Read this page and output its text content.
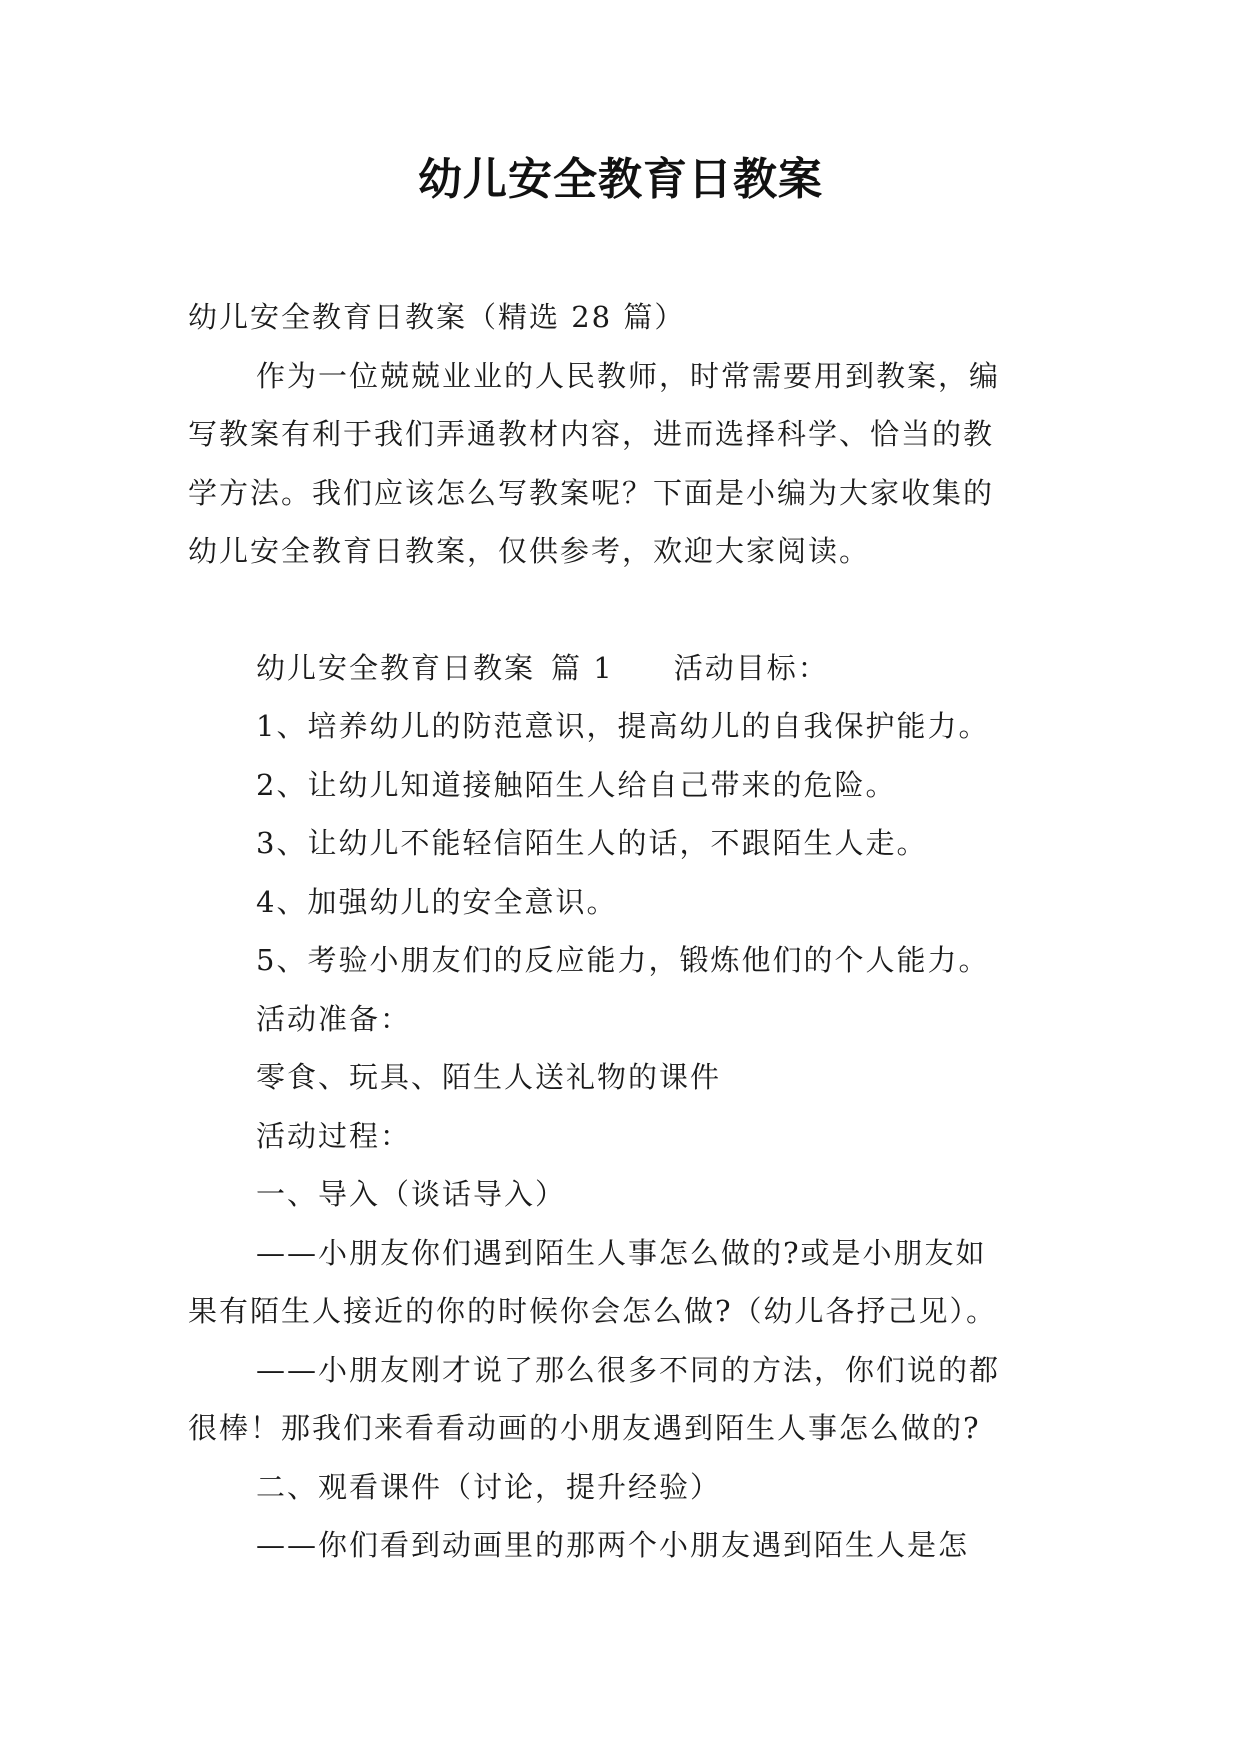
幼儿安全教育日教案
幼儿安全教育日教案（精选 28 篇）
作为一位兢兢业业的人民教师，时常需要用到教案，编
写教案有利于我们弄通教材内容，进而选择科学、恰当的教
学方法。我们应该怎么写教案呢？下面是小编为大家收集的
幼儿安全教育日教案，仅供参考，欢迎大家阅读。
幼儿安全教育日教案 篇 1 活动目标：
1、培养幼儿的防范意识，提高幼儿的自我保护能力。
2、让幼儿知道接触陌生人给自己带来的危险。
3、让幼儿不能轻信陌生人的话，不跟陌生人走。
4、加强幼儿的安全意识。
5、考验小朋友们的反应能力，锻炼他们的个人能力。
活动准备：
零食、玩具、陌生人送礼物的课件
活动过程：
一、导入（谈话导入）
——小朋友你们遇到陌生人事怎么做的?或是小朋友如
果有陌生人接近的你的时候你会怎么做?（幼儿各抒己见）。
——小朋友刚才说了那么很多不同的方法，你们说的都
很棒！那我们来看看动画的小朋友遇到陌生人事怎么做的?
二、观看课件（讨论，提升经验）
——你们看到动画里的那两个小朋友遇到陌生人是怎
